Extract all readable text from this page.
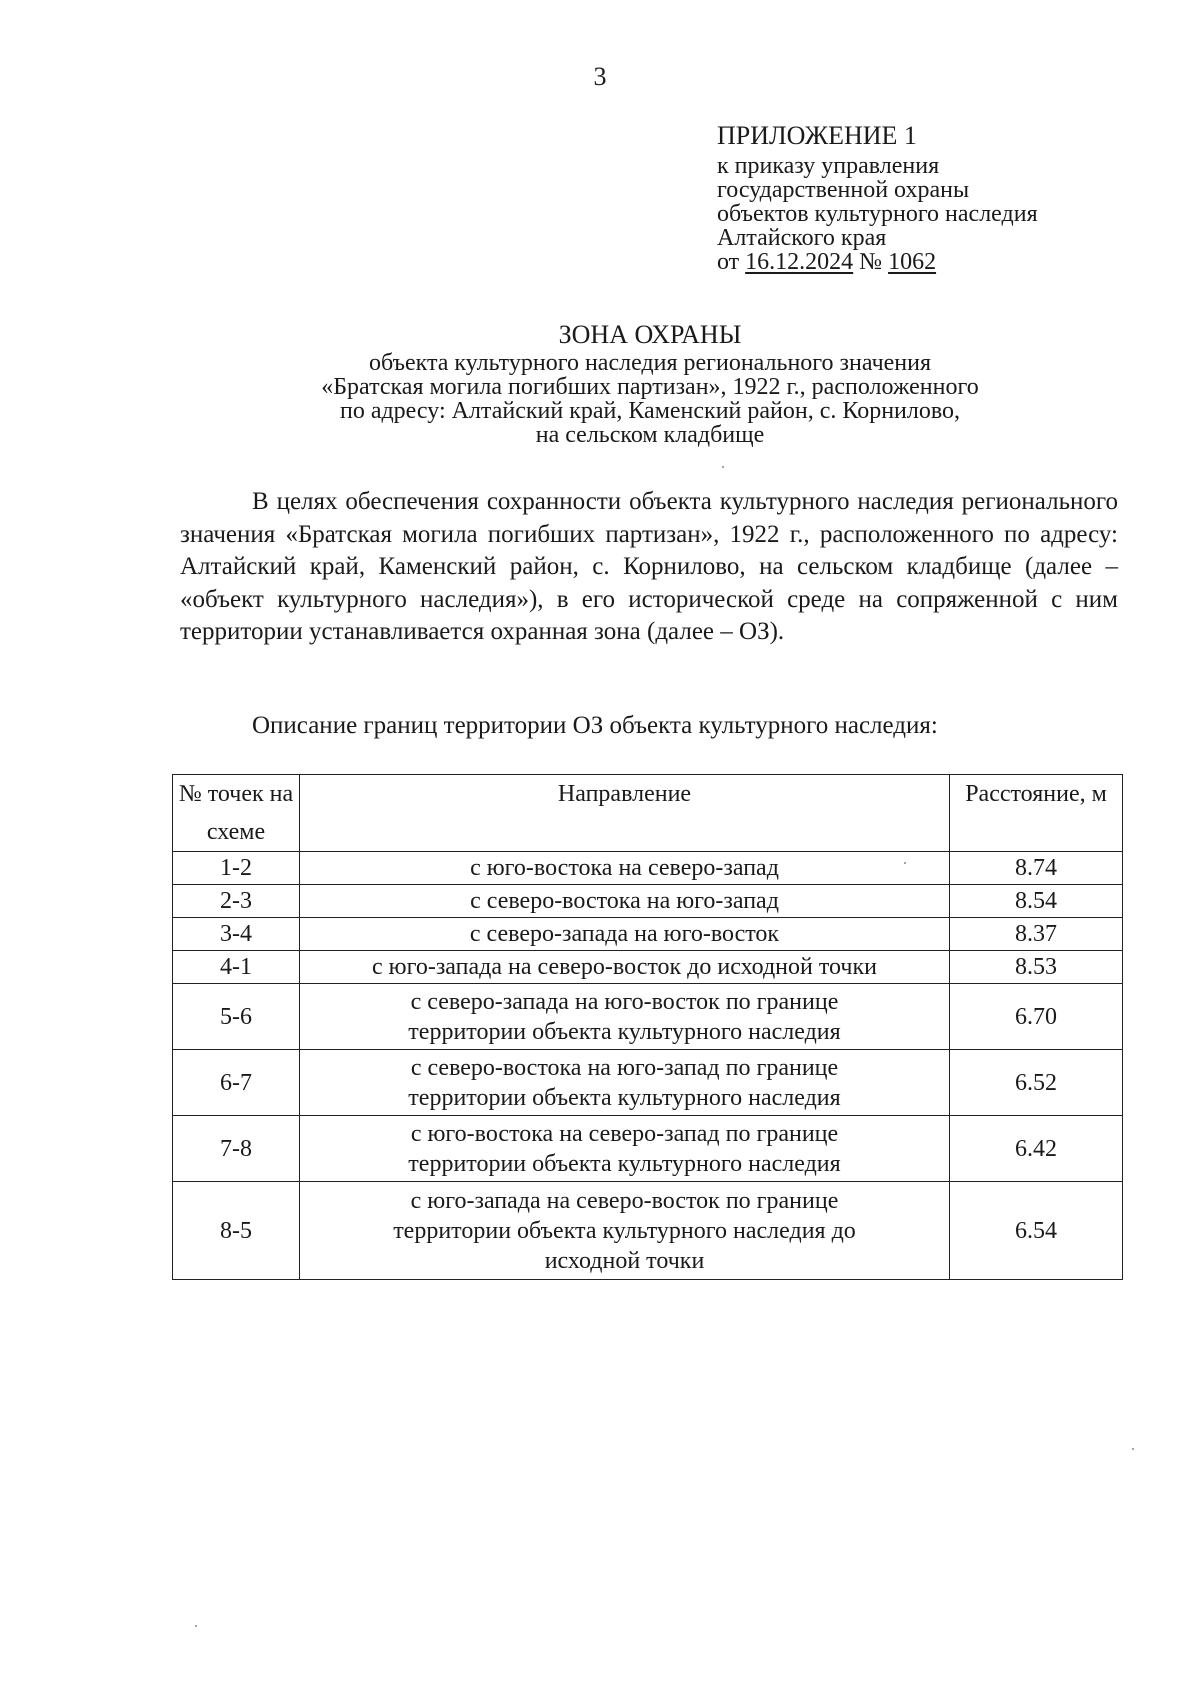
3
ПРИЛОЖЕНИЕ 1
к приказу управления
государственной охраны
объектов культурного наследия
Алтайского края
от 16.12.2024 № 1062
ЗОНА ОХРАНЫ
объекта культурного наследия регионального значения
«Братская могила погибших партизан», 1922 г., расположенного
по адресу: Алтайский край, Каменский район, с. Корнилово,
на сельском кладбище
В целях обеспечения сохранности объекта культурного наследия регионального значения «Братская могила погибших партизан», 1922 г., расположенного по адресу: Алтайский край, Каменский район, с. Корнилово, на сельском кладбище (далее – «объект культурного наследия»), в его исторической среде на сопряженной с ним территории устанавливается охранная зона (далее – ОЗ).
Описание границ территории ОЗ объекта культурного наследия:
№ точек на схеме	Направление	Расстояние, м
1-2	с юго-востока на северо-запад	8.74
2-3	с северо-востока на юго-запад	8.54
3-4	с северо-запада на юго-восток	8.37
4-1	с юго-запада на северо-восток до исходной точки	8.53
5-6	с северо-запада на юго-восток по границе территории объекта культурного наследия	6.70
6-7	с северо-востока на юго-запад по границе территории объекта культурного наследия	6.52
7-8	с юго-востока на северо-запад по границе территории объекта культурного наследия	6.42
8-5	с юго-запада на северо-восток по границе территории объекта культурного наследия до исходной точки	6.54
